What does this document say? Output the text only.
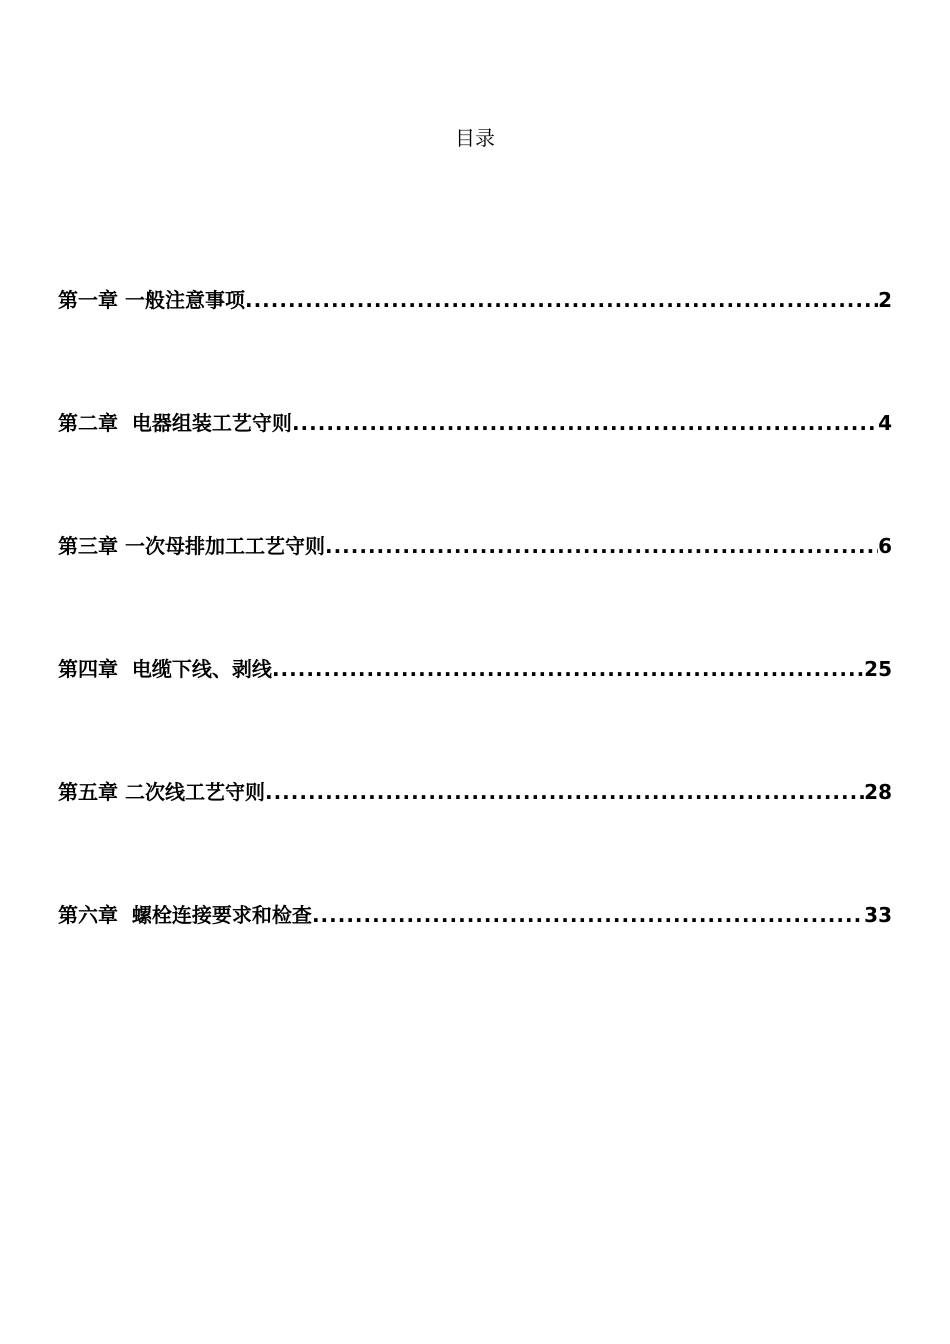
目录
第一章 一般注意事项 .....	2
第二章 电器组装工艺守则 .....	4
第三章 一次母排加工工艺守则 .....	6
第四章 电缆下线、剥线 .....	25
第五章 二次线工艺守则 .....	28
第六章 螺栓连接要求和检查 .....	33
